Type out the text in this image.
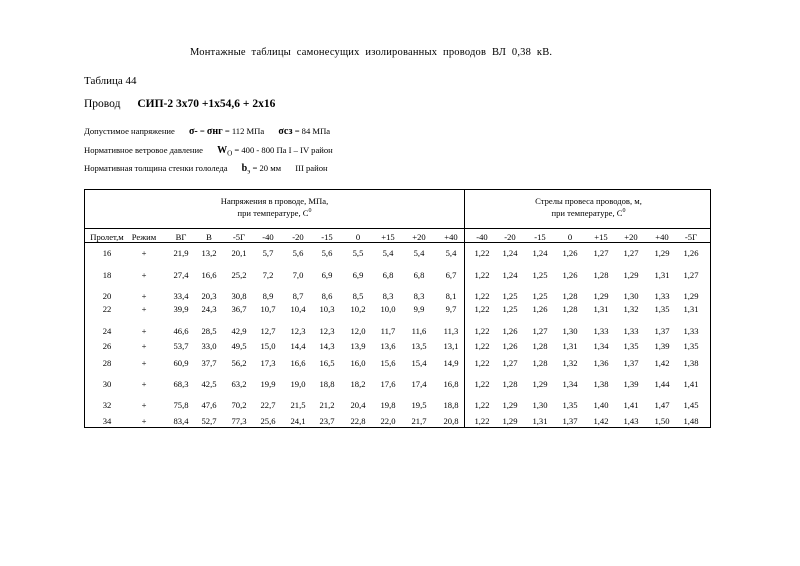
Монтажные таблицы самонесущих изолированных проводов ВЛ 0,38 кВ.
Таблица 44
Провод СИП-2 3х70 +1х54,6 + 2х16
Допустимое напряжение σ- = σнг = 112 МПа σсз = 84 МПа
Нормативное ветровое давление $W_О = 400 - 800$ Па I – IV район
Нормативная толщина стенки гололеда $b_э = 20$ мм III район
Напряжения в проводе, МПа,
при температуре, $С^0$
Стрелы провеса проводов, м,
при температуре, $С^0$
Пролет,м Режим	ВГ	В	-5Г	-40	-20	-15	0	+15	+20	+40	-40	-20	-15	0	+15	+20	+40	-5Г
16	+	21,9	13,2	20,1	5,7	5,6	5,6	5,5	5,4	5,4	5,4	1,22	1,24	1,24	1,26	1,27	1,27	1,29	1,26
18	+	27,4	16,6	25,2	7,2	7,0	6,9	6,9	6,8	6,8	6,7	1,22	1,24	1,25	1,26	1,28	1,29	1,31	1,27
20	+	33,4	20,3	30,8	8,9	8,7	8,6	8,5	8,3	8,3	8,1	1,22	1,25	1,25	1,28	1,29	1,30	1,33	1,29
22	+	39,9	24,3	36,7	10,7	10,4	10,3	10,2	10,0	9,9	9,7	1,22	1,25	1,26	1,28	1,31	1,32	1,35	1,31
24	+	46,6	28,5	42,9	12,7	12,3	12,3	12,0	11,7	11,6	11,3	1,22	1,26	1,27	1,30	1,33	1,33	1,37	1,33
26	+	53,7	33,0	49,5	15,0	14,4	14,3	13,9	13,6	13,5	13,1	1,22	1,26	1,28	1,31	1,34	1,35	1,39	1,35
28	+	60,9	37,7	56,2	17,3	16,6	16,5	16,0	15,6	15,4	14,9	1,22	1,27	1,28	1,32	1,36	1,37	1,42	1,38
30	+	68,3	42,5	63,2	19,9	19,0	18,8	18,2	17,6	17,4	16,8	1,22	1,28	1,29	1,34	1,38	1,39	1,44	1,41
32	+	75,8	47,6	70,2	22,7	21,5	21,2	20,4	19,8	19,5	18,8	1,22	1,29	1,30	1,35	1,40	1,41	1,47	1,45
34	+	83,4	52,7	77,3	25,6	24,1	23,7	22,8	22,0	21,7	20,8	1,22	1,29	1,31	1,37	1,42	1,43	1,50	1,48
